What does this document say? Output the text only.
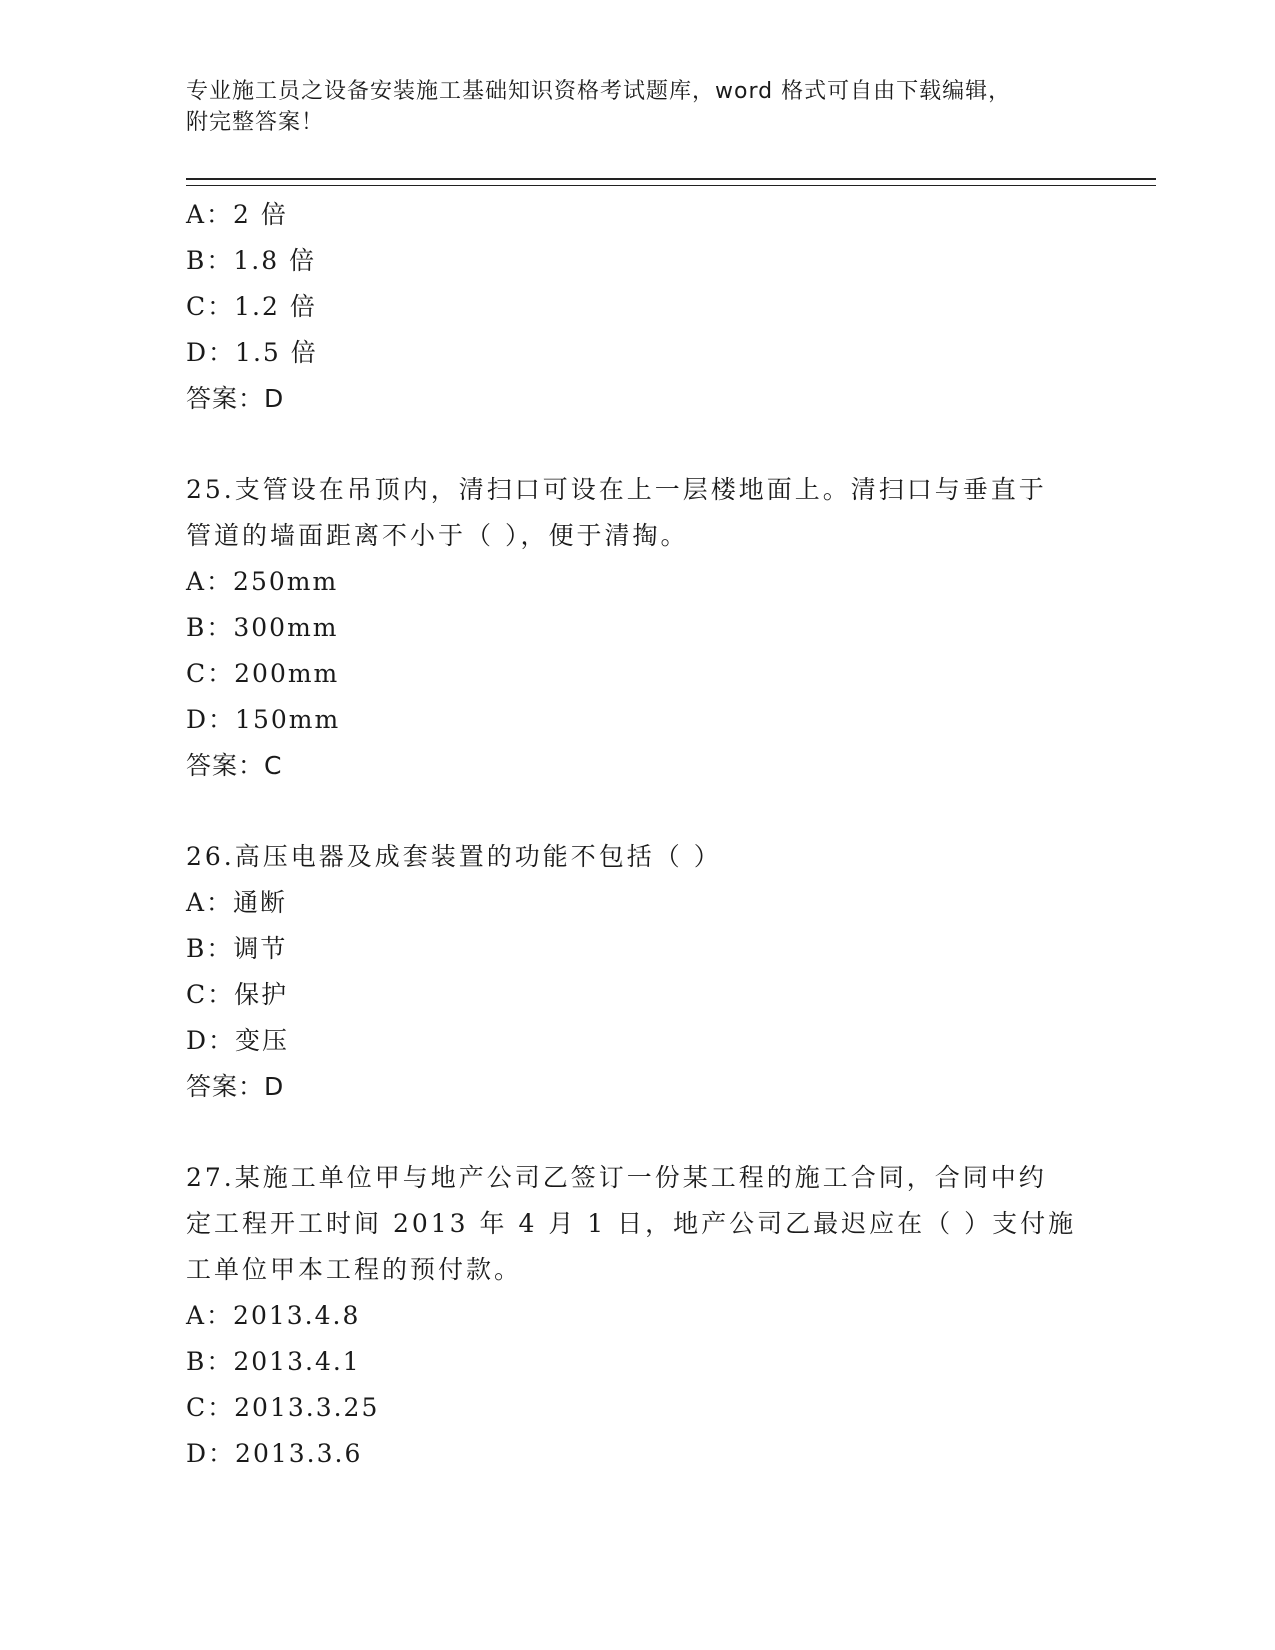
专业施工员之设备安装施工基础知识资格考试题库，word 格式可自由下载编辑，
附完整答案！
A：2 倍
B：1.8 倍
C：1.2 倍
D：1.5 倍
答案：D
25.支管设在吊顶内，清扫口可设在上一层楼地面上。清扫口与垂直于
管道的墙面距离不小于（ ），便于清掏。
A：250mm
B：300mm
C：200mm
D：150mm
答案：C
26.高压电器及成套装置的功能不包括（ ）
A：通断
B：调节
C：保护
D：变压
答案：D
27.某施工单位甲与地产公司乙签订一份某工程的施工合同，合同中约
定工程开工时间 2013 年 4 月 1 日，地产公司乙最迟应在（ ）支付施
工单位甲本工程的预付款。
A：2013.4.8
B：2013.4.1
C：2013.3.25
D：2013.3.6
